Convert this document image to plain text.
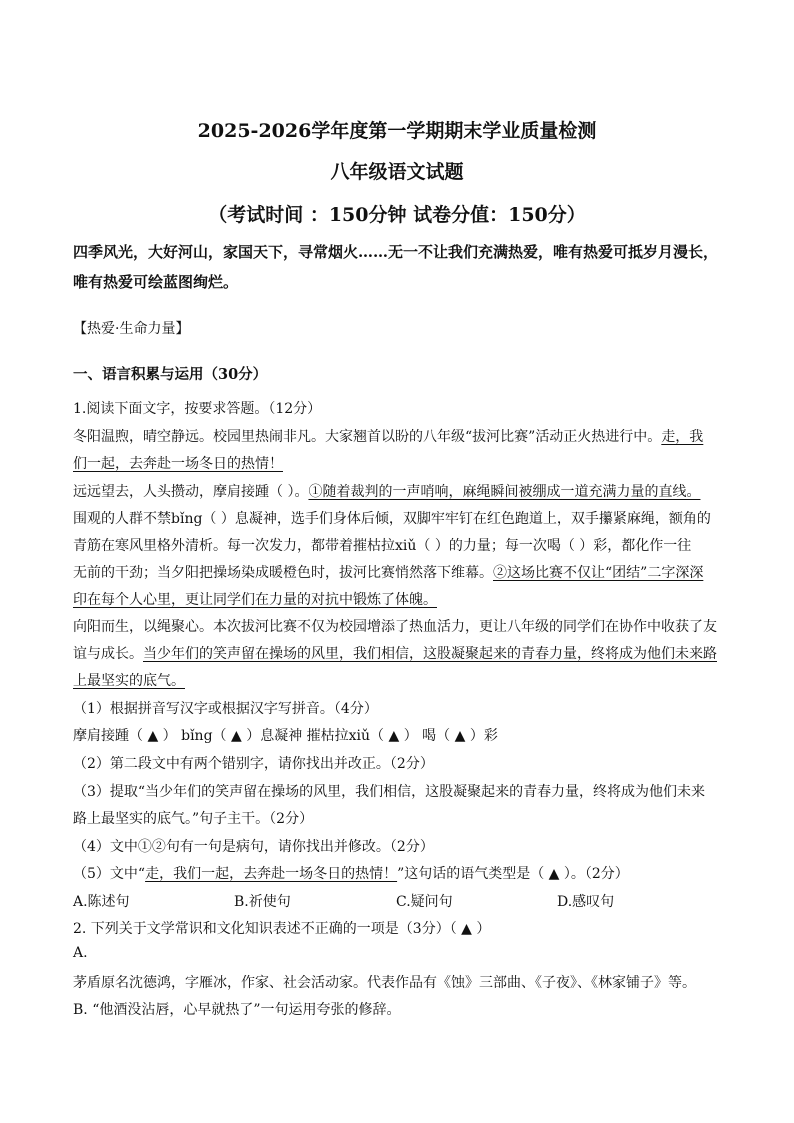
2025-2026学年度第一学期期末学业质量检测
八年级语文试题
（考试时间 ：150分钟 试卷分值：150分）
四季风光，大好河山，家国天下，寻常烟火……无一不让我们充满热爱，唯有热爱可抵岁月漫长，唯有热爱可绘蓝图绚烂。
【热爱·生命力量】
一、语言积累与运用（30分）
1.阅读下面文字，按要求答题。（12分）
冬阳温煦，晴空静远。校园里热闹非凡。大家翘首以盼的八年级“拔河比赛”活动正火热进行中。走，我
们一起，去奔赴一场冬日的热情！
远远望去，人头攒动，摩肩接踵（ ）。①随着裁判的一声哨响，麻绳瞬间被绷成一道充满力量的直线。
围观的人群不禁bǐng（ ）息凝神，选手们身体后倾，双脚牢牢钉在红色跑道上，双手攥紧麻绳，额角的
青筋在寒风里格外清析。每一次发力，都带着摧枯拉xiǔ（ ）的力量；每一次喝（ ）彩，都化作一往
无前的干劲；当夕阳把操场染成暖橙色时，拔河比赛悄然落下维幕。②这场比赛不仅让“团结”二字深深
印在每个人心里，更让同学们在力量的对抗中锻炼了体魄。
向阳而生，以绳聚心。本次拔河比赛不仅为校园增添了热血活力，更让八年级的同学们在协作中收获了友
谊与成长。当少年们的笑声留在操场的风里，我们相信，这股凝聚起来的青春力量，终将成为他们未来路
上最坚实的底气。
（1）根据拼音写汉字或根据汉字写拼音。（4分）
摩肩接踵（ ▲ ） bǐng（ ▲ ）息凝神 摧枯拉xiǔ（ ▲ ） 喝（ ▲ ）彩
（2）第二段文中有两个错别字，请你找出并改正。（2分）
（3）提取“当少年们的笑声留在操场的风里，我们相信，这股凝聚起来的青春力量，终将成为他们未来
路上最坚实的底气。”句子主干。（2分）
（4）文中①②句有一句是病句，请你找出并修改。（2分）
（5）文中“走，我们一起，去奔赴一场冬日的热情！”这句话的语气类型是（ ▲ ）。（2分）
A.陈述句	B.祈使句	C.疑问句	D.感叹句
2. 下列关于文学常识和文化知识表述不正确的一项是（3分）（ ▲ ）
A.
茅盾原名沈德鸿，字雁冰，作家、社会活动家。代表作品有《蚀》三部曲、《子夜》、《林家铺子》等。
B. “他酒没沾唇，心早就热了”一句运用夸张的修辞。
